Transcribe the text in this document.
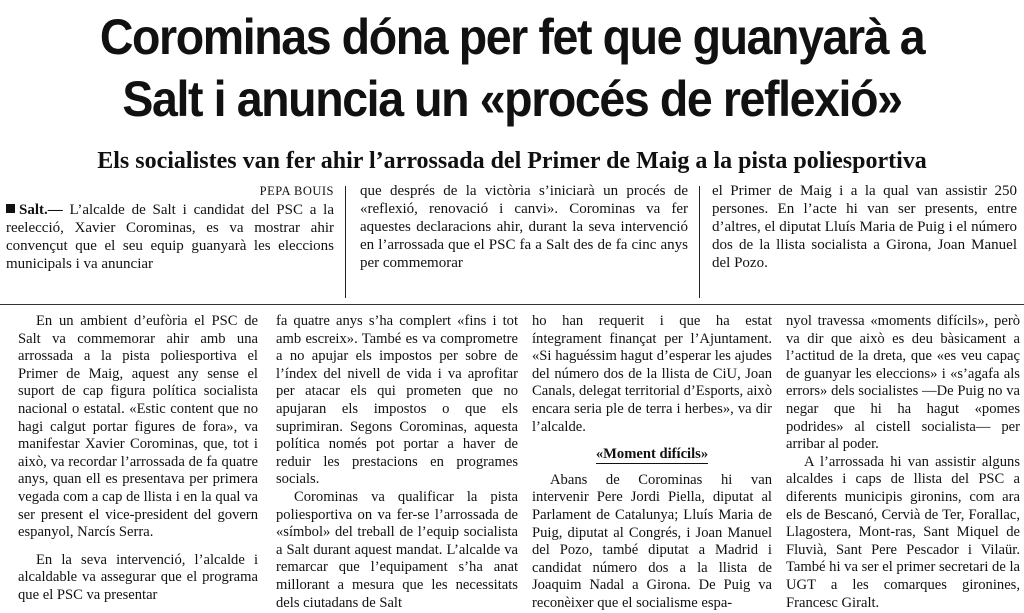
Corominas dóna per fet que guanyarà a
Salt i anuncia un «procés de reflexió»
Els socialistes van fer ahir l’arrossada del Primer de Maig a la pista poliesportiva
PEPA BOUIS

Salt.— L’alcalde de Salt i candidat del PSC a la reelecció, Xavier Corominas, es va mostrar ahir convençut que el seu equip guanyarà les eleccions municipals i va anunciar

que després de la victòria s’iniciarà un procés de «reflexió, renovació i canvi». Corominas va fer aquestes declaracions ahir, durant la seva intervenció en l’arrossada que el PSC fa a Salt des de fa cinc anys per commemorar

el Primer de Maig i a la qual van assistir 250 persones. En l’acte hi van ser presents, entre d’altres, el diputat Lluís Maria de Puig i el número dos de la llista socialista a Girona, Joan Manuel del Pozo.

En un ambient d’eufòria el PSC de Salt va commemorar ahir amb una arrossada a la pista poliesportiva el Primer de Maig, aquest any sense el suport de cap figura política socialista nacional o estatal. «Estic content que no hagi calgut portar figures de fora», va manifestar Xavier Corominas, que, tot i això, va recordar l’arrossada de fa quatre anys, quan ell es presentava per primera vegada com a cap de llista i en la qual va ser present el vice-president del govern espanyol, Narcís Serra.

En la seva intervenció, l’alcalde i alcaldable va assegurar que el programa que el PSC va presentar

fa quatre anys s’ha complert «fins i tot amb escreix». També es va comprometre a no apujar els impostos per sobre de l’índex del nivell de vida i va aprofitar per atacar els qui prometen que no apujaran els impostos o que els suprimiran. Segons Corominas, aquesta política només pot portar a haver de reduir les prestacions en programes socials.

Corominas va qualificar la pista poliesportiva on va fer-se l’arrossada de «símbol» del treball de l’equip socialista a Salt durant aquest mandat. L’alcalde va remarcar que l’equipament s’ha anat millorant a mesura que les necessitats dels ciutadans de Salt

ho han requerit i que ha estat íntegrament finançat per l’Ajuntament. «Si haguéssim hagut d’esperar les ajudes del número dos de la llista de CiU, Joan Canals, delegat territorial d’Esports, això encara seria ple de terra i herbes», va dir l’alcalde.

«Moment difícils»

Abans de Corominas hi van intervenir Pere Jordi Piella, diputat al Parlament de Catalunya; Lluís Maria de Puig, diputat al Congrés, i Joan Manuel del Pozo, també diputat a Madrid i candidat número dos a la llista de Joaquim Nadal a Girona. De Puig va reconèixer que el socialisme espa-

nyol travessa «moments difícils», però va dir que això es deu bàsicament a l’actitud de la dreta, que «es veu capaç de guanyar les eleccions» i «s’agafa als errors» dels socialistes —De Puig no va negar que hi ha hagut «pomes podrides» al cistell socialista— per arribar al poder.

A l’arrossada hi van assistir alguns alcaldes i caps de llista del PSC a diferents municipis gironins, com ara els de Bescanó, Cervià de Ter, Forallac, Llagostera, Mont-ras, Sant Miquel de Fluvià, Sant Pere Pescador i Vilaür. També hi va ser el primer secretari de la UGT a les comarques gironines, Francesc Giralt.
